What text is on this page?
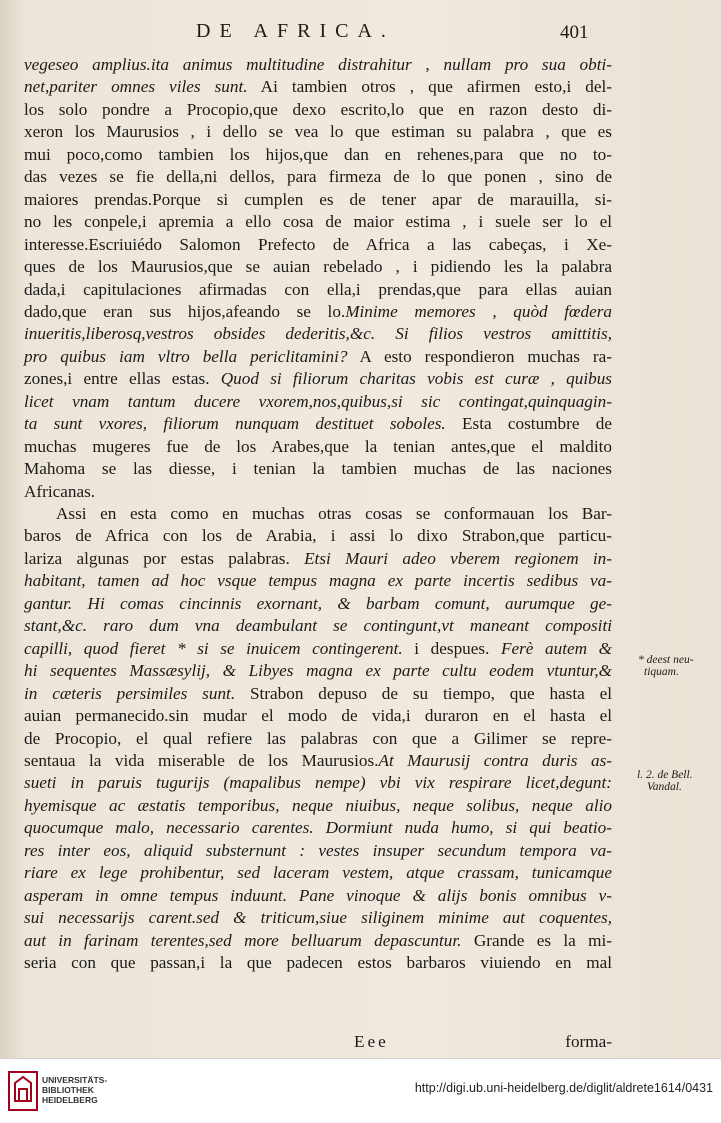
DE AFRICA.	401
vegeseo amplius.ita animus multitudine distrahitur , nullam pro sua obti-
net,pariter omnes viles sunt. Ai tambien otros , que afirmen esto,i del-
los solo pondre a Procopio,que dexo escrito,lo que en razon desto di-
xeron los Maurusios , i dello se vea lo que estiman su palabra , que es
mui poco,como tambien los hijos,que dan en rehenes,para que no to-
das vezes se fie della,ni dellos, para firmeza de lo que ponen , sino de
maiores prendas.Porque si cumplen es de tener apar de marauilla, si-
no les conpele,i apremia a ello cosa de maior estima , i suele ser lo el
interesse.Escriuiédo Salomon Prefecto de Africa a las cabeças, i Xe-
ques de los Maurusios,que se auian rebelado , i pidiendo les la palabra
dada,i capitulaciones afirmadas con ella,i prendas,que para ellas auian
dado,que eran sus hijos,afeando se lo.Minime memores , quòd fœdera
inueritis,liberosq,vestros obsides dederitis,&c. Si filios vestros amittitis,
pro quibus iam vltro bella periclitamini? A esto respondieron muchas ra-
zones,i entre ellas estas. Quod si filiorum charitas vobis est curæ , quibus
licet vnam tantum ducere vxorem,nos,quibus,si sic contingat,quinquagin-
ta sunt vxores, filiorum nunquam destituet soboles. Esta costumbre de
muchas mugeres fue de los Arabes,que la tenian antes,que el maldito
Mahoma se las diesse, i tenian la tambien muchas de las naciones
Africanas.
Assi en esta como en muchas otras cosas se conformauan los Bar-
baros de Africa con los de Arabia, i assi lo dixo Strabon,que particu-
lariza algunas por estas palabras. Etsi Mauri adeo vberem regionem in-
habitant, tamen ad hoc vsque tempus magna ex parte incertis sedibus va-
gantur. Hi comas cincinnis exornant, & barbam comunt, aurumque ge-
stant,&c. raro dum vna deambulant se contingunt,vt maneant compositi
capilli, quod fieret * si se inuicem contingerent. i despues. Ferè autem &
hi sequentes Massæsylij, & Libyes magna ex parte cultu eodem vtuntur,&
in cæteris persimiles sunt. Strabon depuso de su tiempo, que hasta el
auian permanecido.sin mudar el modo de vida,i duraron en el hasta el
de Procopio, el qual refiere las palabras con que a Gilimer se repre-
sentaua la vida miserable de los Maurusios.At Maurusij contra duris as-
sueti in paruis tugurijs (mapalibus nempe) vbi vix respirare licet,degunt:
hyemisque ac æstatis temporibus, neque niuibus, neque solibus, neque alio
quocumque malo, necessario carentes. Dormiunt nuda humo, si qui beatio-
res inter eos, aliquid substernunt : vestes insuper secundum tempora va-
riare ex lege prohibentur, sed laceram vestem, atque crassam, tunicamque
asperam in omne tempus induunt. Pane vinoque & alijs bonis omnibus v-
sui necessarijs carent.sed & triticum,siue siliginem minime aut coquentes,
aut in farinam terentes,sed more belluarum depascuntur. Grande es la mi-
seria con que passan,i la que padecen estos barbaros viuiendo en mal
* deest neu-
tiquam.
l. 2. de Bell.
Vandal.
Eee	forma-
UNIVERSITÄTS-
BIBLIOTHEK
HEIDELBERG
http://digi.ub.uni-heidelberg.de/diglit/aldrete1614/0431
